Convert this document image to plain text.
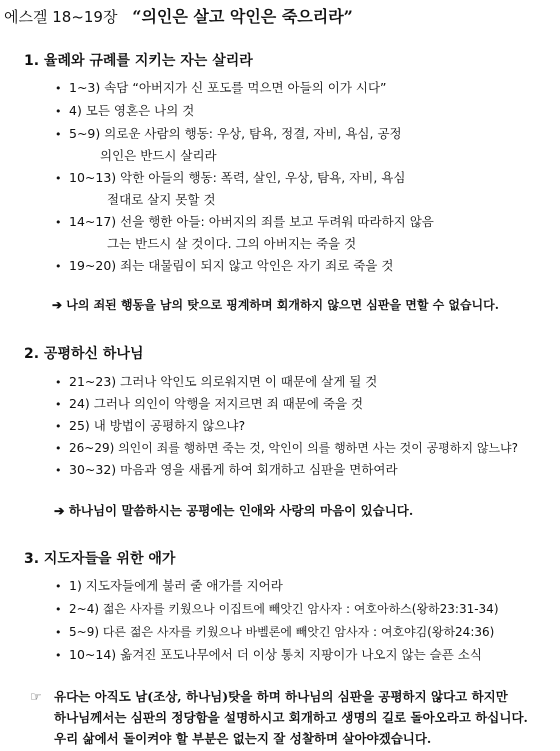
에스겔 18~19장 “의인은 살고 악인은 죽으리라”
1. 율례와 규례를 지키는 자는 살리라
• 1~3) 속담 “아버지가 신 포도를 먹으면 아들의 이가 시다”
• 4) 모든 영혼은 나의 것
• 5~9) 의로운 사람의 행동: 우상, 탐욕, 정결, 자비, 욕심, 공정
의인은 반드시 살리라
• 10~13) 악한 아들의 행동: 폭력, 살인, 우상, 탐욕, 자비, 욕심
절대로 살지 못할 것
• 14~17) 선을 행한 아들: 아버지의 죄를 보고 두려워 따라하지 않음
그는 반드시 살 것이다. 그의 아버지는 죽을 것
• 19~20) 죄는 대물림이 되지 않고 악인은 자기 죄로 죽을 것
➔ 나의 죄된 행동을 남의 탓으로 핑계하며 회개하지 않으면 심판을 면할 수 없습니다.
2. 공평하신 하나님
• 21~23) 그러나 악인도 의로워지면 이 때문에 살게 될 것
• 24) 그러나 의인이 악행을 저지르면 죄 때문에 죽을 것
• 25) 내 방법이 공평하지 않으냐?
• 26~29) 의인이 죄를 행하면 죽는 것, 악인이 의를 행하면 사는 것이 공평하지 않느냐?
• 30~32) 마음과 영을 새롭게 하여 회개하고 심판을 면하여라
➔ 하나님이 말씀하시는 공평에는 인애와 사랑의 마음이 있습니다.
3. 지도자들을 위한 애가
• 1) 지도자들에게 불러 줄 애가를 지어라
• 2~4) 젊은 사자를 키웠으나 이집트에 빼앗긴 암사자 : 여호아하스(왕하23:31-34)
• 5~9) 다른 젊은 사자를 키웠으나 바벨론에 빼앗긴 암사자 : 여호야김(왕하24:36)
• 10~14) 옮겨진 포도나무에서 더 이상 통치 지팡이가 나오지 않는 슬픈 소식
☞ 유다는 아직도 남(조상, 하나님)탓을 하며 하나님의 심판을 공평하지 않다고 하지만
하나님께서는 심판의 정당함을 설명하시고 회개하고 생명의 길로 돌아오라고 하십니다.
우리 삶에서 돌이켜야 할 부분은 없는지 잘 성찰하며 살아야겠습니다.
